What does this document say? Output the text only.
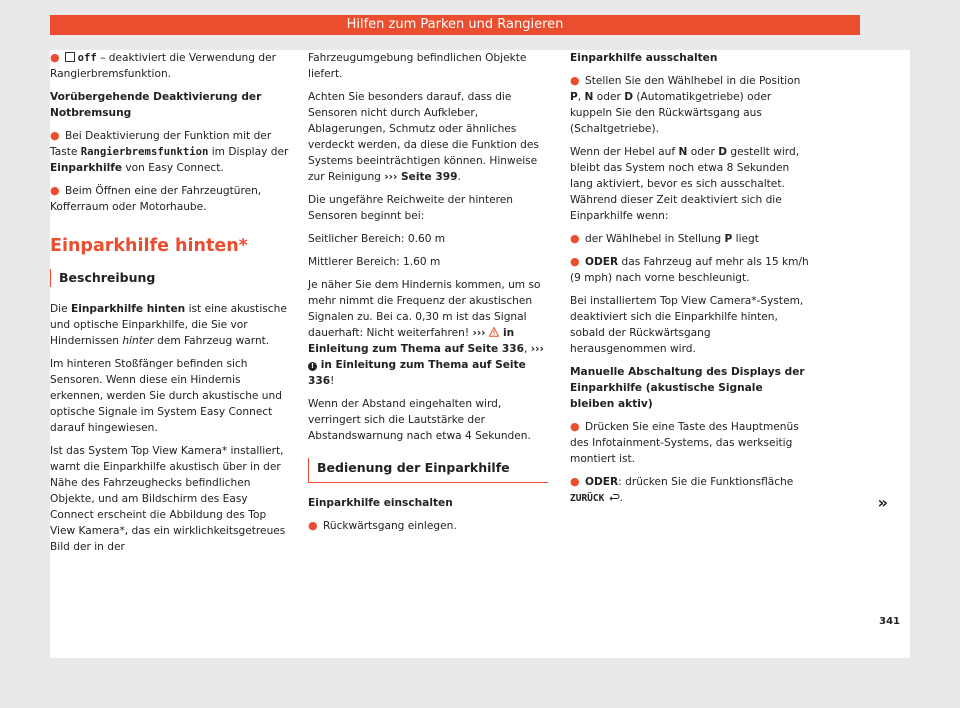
Hilfen zum Parken und Rangieren

● off – deaktiviert die Verwendung der Rangierbremsfunktion.

Vorübergehende Deaktivierung der Notbremsung

● Bei Deaktivierung der Funktion mit der Taste Rangierbremsfunktion im Display der Einparkhilfe von Easy Connect.

● Beim Öffnen eine der Fahrzeugtüren, Kofferraum oder Motorhaube.

Einparkhilfe hinten*
Beschreibung

Die Einparkhilfe hinten ist eine akustische und optische Einparkhilfe, die Sie vor Hindernissen hinter dem Fahrzeug warnt.

Im hinteren Stoßfänger befinden sich Sensoren. Wenn diese ein Hindernis erkennen, werden Sie durch akustische und optische Signale im System Easy Connect darauf hingewiesen.

Ist das System Top View Kamera* installiert, warnt die Einparkhilfe akustisch über in der Nähe des Fahrzeughecks befindlichen Objekte, und am Bildschirm des Easy Connect erscheint die Abbildung des Top View Kamera*, das ein wirklichkeitsgetreues Bild der in der

Fahrzeugumgebung befindlichen Objekte liefert.

Achten Sie besonders darauf, dass die Sensoren nicht durch Aufkleber, Ablagerungen, Schmutz oder ähnliches verdeckt werden, da diese die Funktion des Systems beeinträchtigen können. Hinweise zur Reinigung ››› Seite 399.

Die ungefähre Reichweite der hinteren Sensoren beginnt bei:

Seitlicher Bereich: 0.60 m

Mittlerer Bereich: 1.60 m

Je näher Sie dem Hindernis kommen, um so mehr nimmt die Frequenz der akustischen Signalen zu. Bei ca. 0,30 m ist das Signal dauerhaft: Nicht weiterfahren! ›››  in Einleitung zum Thema auf Seite 336, ››› ! in Einleitung zum Thema auf Seite 336!

Wenn der Abstand eingehalten wird, verringert sich die Lautstärke der Abstandswarnung nach etwa 4 Sekunden.

Bedienung der Einparkhilfe

Einparkhilfe einschalten

● Rückwärtsgang einlegen.

Einparkhilfe ausschalten

● Stellen Sie den Wählhebel in die Position P, N oder D (Automatikgetriebe) oder kuppeln Sie den Rückwärtsgang aus (Schaltgetriebe).

Wenn der Hebel auf N oder D gestellt wird, bleibt das System noch etwa 8 Sekunden lang aktiviert, bevor es sich ausschaltet. Während dieser Zeit deaktiviert sich die Einparkhilfe wenn:

● der Wählhebel in Stellung P liegt

● ODER das Fahrzeug auf mehr als 15 km/h (9 mph) nach vorne beschleunigt.

Bei installiertem Top View Camera*-System, deaktiviert sich die Einparkhilfe hinten, sobald der Rückwärtsgang herausgenommen wird.

Manuelle Abschaltung des Displays der Einparkhilfe (akustische Signale bleiben aktiv)

● Drücken Sie eine Taste des Hauptmenüs des Infotainment-Systems, das werkseitig montiert ist.

● ODER: drücken Sie die Funktionsfläche ZURÜCK .	»
341
